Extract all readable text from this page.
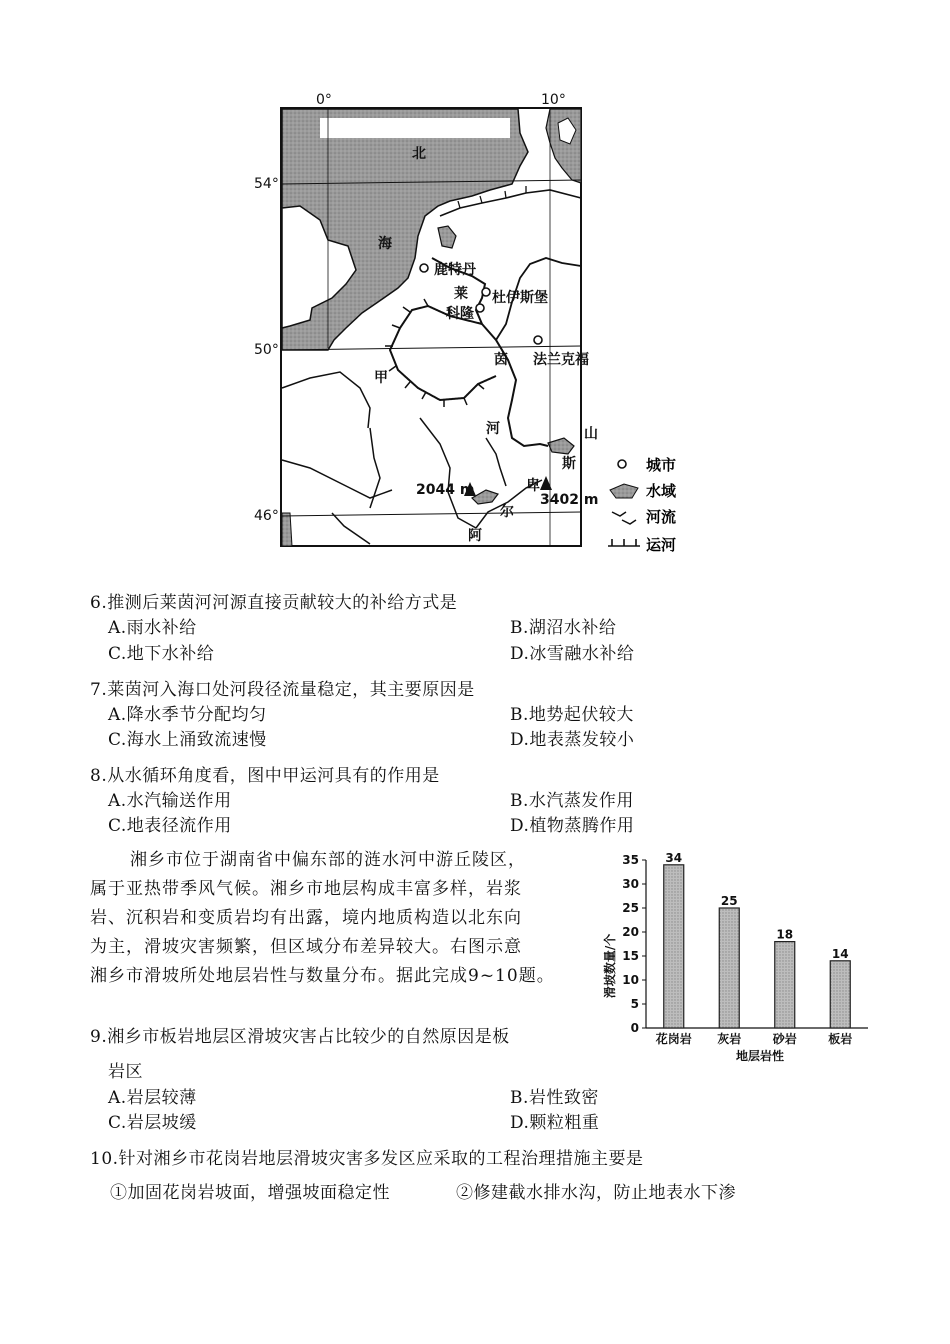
0°	10°
54°
50°
46°
北
海
鹿特丹
莱
科隆
杜伊斯堡
茵 法兰克福
甲
河	山
斯
卑
尔
阿
2044 m
3402 m
城市
水域
河流
运河
6.推测后莱茵河河源直接贡献较大的补给方式是
A.雨水补给	B.湖沼水补给
C.地下水补给	D.冰雪融水补给
7.莱茵河入海口处河段径流量稳定，其主要原因是
A.降水季节分配均匀	B.地势起伏较大
C.海水上涌致流速慢	D.地表蒸发较小
8.从水循环角度看，图中甲运河具有的作用是
A.水汽输送作用	B.水汽蒸发作用
C.地表径流作用	D.植物蒸腾作用
湘乡市位于湖南省中偏东部的涟水河中游丘陵区，
属于亚热带季风气候。湘乡市地层构成丰富多样，岩浆
岩、沉积岩和变质岩均有出露，境内地质构造以北东向
为主，滑坡灾害频繁，但区域分布差异较大。右图示意
湘乡市滑坡所处地层岩性与数量分布。据此完成9~10题。
9.湘乡市板岩地层区滑坡灾害占比较少的自然原因是板
岩区
A.岩层较薄	B.岩性致密
C.岩层坡缓	D.颗粒粗重
10.针对湘乡市花岗岩地层滑坡灾害多发区应采取的工程治理措施主要是
①加固花岗岩坡面，增强坡面稳定性	②修建截水排水沟，防止地表水下渗
0
5
10
15
20
25
30
35 34
花岗岩
25
灰岩
18
砂岩
14
板岩
滑坡数量/个
地层岩性
